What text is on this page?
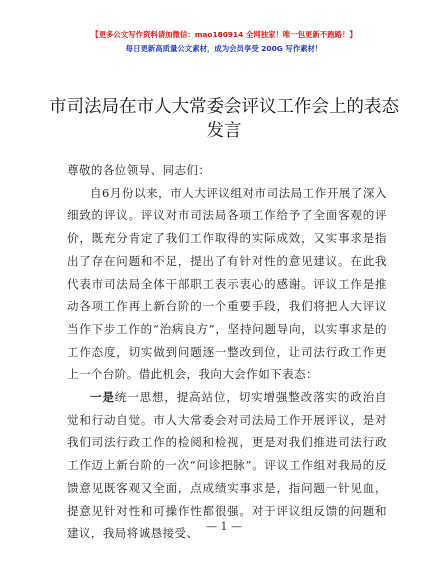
【更多公文写作资料请加微信：mao180914 全网独家！唯一包更新不跑路！】
每日更新高质量公文素材，成为会员享受 200G 写作素材！
市司法局在市人大常委会评议工作会上的表态
发言

尊敬的各位领导、同志们：

自6月份以来，市人大评议组对市司法局工作开展了深入细致的评议。评议对市司法局各项工作给予了全面客观的评价，既充分肯定了我们工作取得的实际成效，又实事求是指出了存在问题和不足，提出了有针对性的意见建议。在此我代表市司法局全体干部职工表示衷心的感谢。评议工作是推动各项工作再上新台阶的一个重要手段，我们将把人大评议当作下步工作的“治病良方”，坚持问题导向，以实事求是的工作态度，切实做到问题逐一整改到位，让司法行政工作更上一个台阶。借此机会，我向大会作如下表态：

一是统一思想，提高站位，切实增强整改落实的政治自觉和行动自觉。市人大常委会对司法局工作开展评议，是对我们司法行政工作的检阅和检视，更是对我们推进司法行政工作迈上新台阶的一次“问诊把脉”。评议工作组对我局的反馈意见既客观又全面，点成绩实事求是，指问题一针见血，提意见针对性和可操作性都很强。对于评议组反馈的问题和建议，我局将诚恳接受、 — 1 —
